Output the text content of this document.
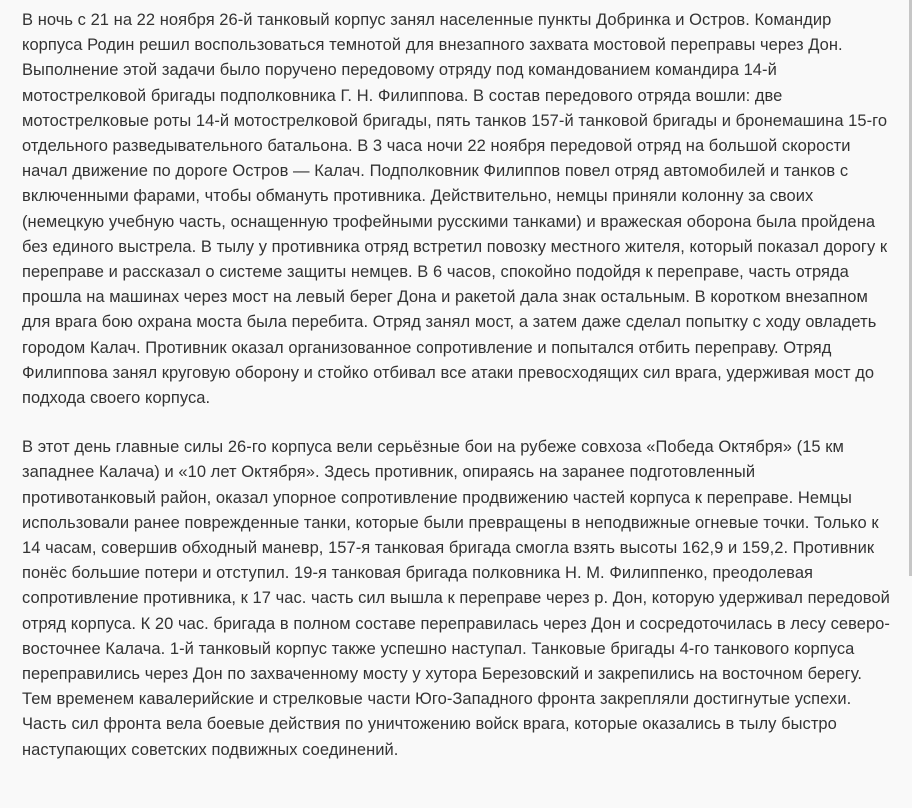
В ночь с 21 на 22 ноября 26-й танковый корпус занял населенные пункты Добринка и Остров. Командир корпуса Родин решил воспользоваться темнотой для внезапного захвата мостовой переправы через Дон. Выполнение этой задачи было поручено передовому отряду под командованием командира 14-й мотострелковой бригады подполковника Г. Н. Филиппова. В состав передового отряда вошли: две мотострелковые роты 14-й мотострелковой бригады, пять танков 157-й танковой бригады и бронемашина 15-го отдельного разведывательного батальона. В 3 часа ночи 22 ноября передовой отряд на большой скорости начал движение по дороге Остров — Калач. Подполковник Филиппов повел отряд автомобилей и танков с включенными фарами, чтобы обмануть противника. Действительно, немцы приняли колонну за своих (немецкую учебную часть, оснащенную трофейными русскими танками) и вражеская оборона была пройдена без единого выстрела. В тылу у противника отряд встретил повозку местного жителя, который показал дорогу к переправе и рассказал о системе защиты немцев. В 6 часов, спокойно подойдя к переправе, часть отряда прошла на машинах через мост на левый берег Дона и ракетой дала знак остальным. В коротком внезапном для врага бою охрана моста была перебита. Отряд занял мост, а затем даже сделал попытку с ходу овладеть городом Калач. Противник оказал организованное сопротивление и попытался отбить переправу. Отряд Филиппова занял круговую оборону и стойко отбивал все атаки превосходящих сил врага, удерживая мост до подхода своего корпуса.

В этот день главные силы 26-го корпуса вели серьёзные бои на рубеже совхоза «Победа Октября» (15 км западнее Калача) и «10 лет Октября». Здесь противник, опираясь на заранее подготовленный противотанковый район, оказал упорное сопротивление продвижению частей корпуса к переправе. Немцы использовали ранее поврежденные танки, которые были превращены в неподвижные огневые точки. Только к 14 часам, совершив обходный маневр, 157-я танковая бригада смогла взять высоты 162,9 и 159,2. Противник понёс большие потери и отступил. 19-я танковая бригада полковника Н. М. Филиппенко, преодолевая сопротивление противника, к 17 час. часть сил вышла к переправе через р. Дон, которую удерживал передовой отряд корпуса. К 20 час. бригада в полном составе переправилась через Дон и сосредоточилась в лесу северо-восточнее Калача. 1-й танковый корпус также успешно наступал. Танковые бригады 4-го танкового корпуса переправились через Дон по захваченному мосту у хутора Березовский и закрепились на восточном берегу. Тем временем кавалерийские и стрелковые части Юго-Западного фронта закрепляли достигнутые успехи. Часть сил фронта вела боевые действия по уничтожению войск врага, которые оказались в тылу быстро наступающих советских подвижных соединений.
